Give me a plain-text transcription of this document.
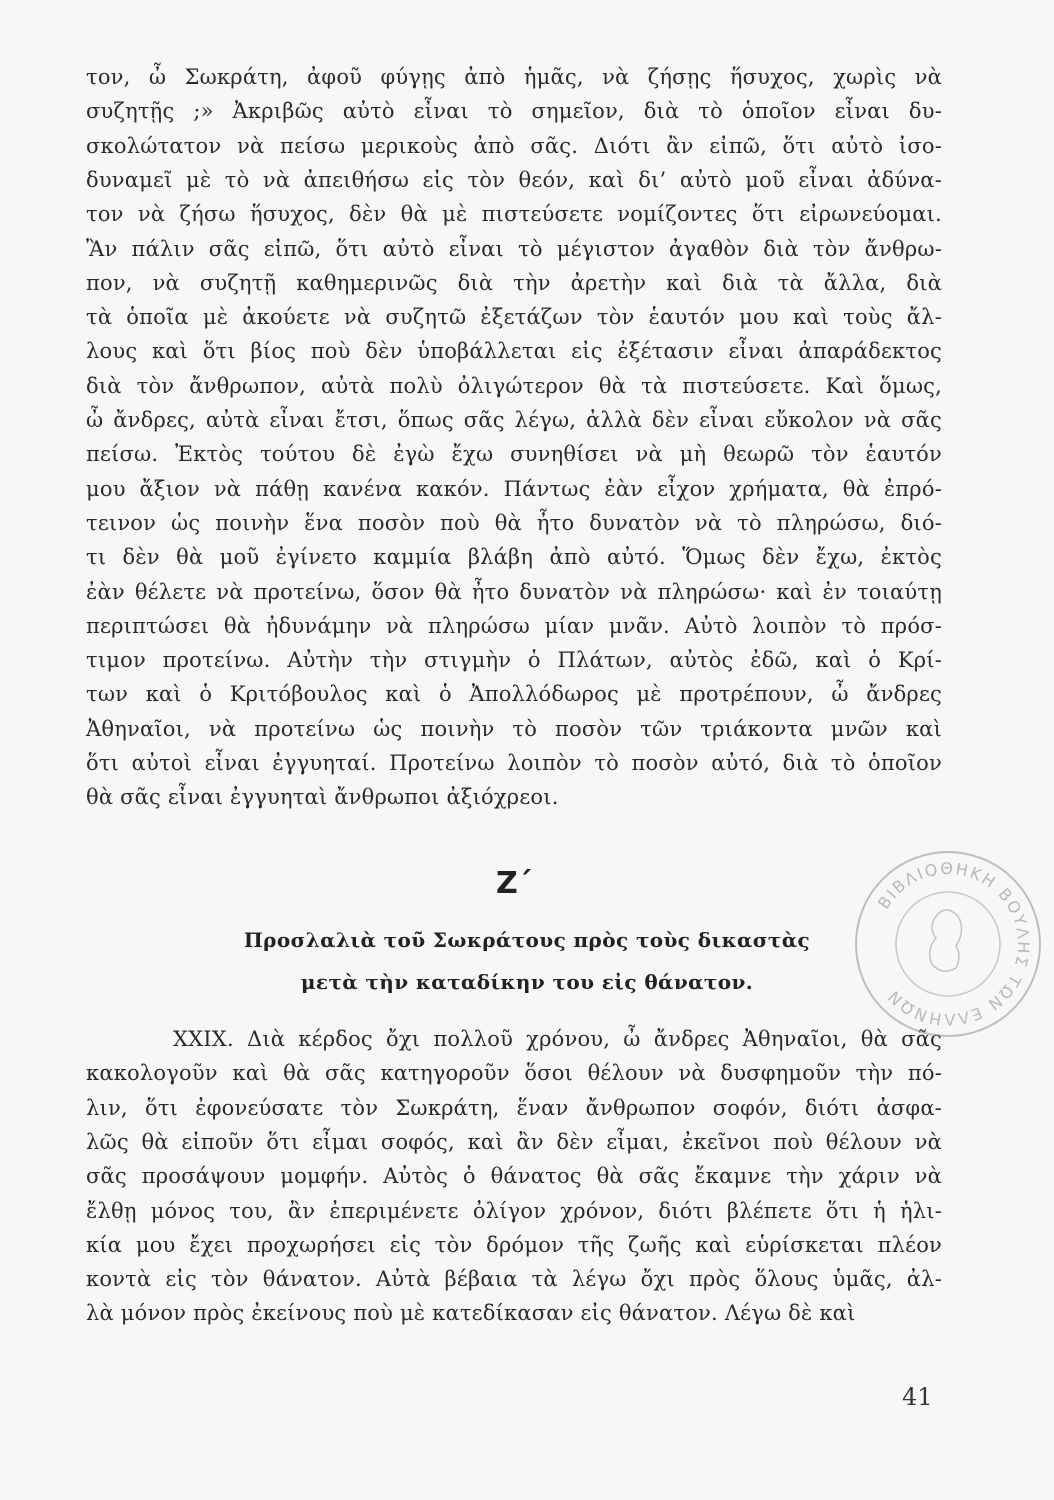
τον, ὦ Σωκράτη, ἀφοῦ φύγῃς ἀπὸ ἡμᾶς, νὰ ζήσῃς ἥσυχος, χωρὶς νὰ
συζητῇς ;» Ἀκριβῶς αὐτὸ εἶναι τὸ σημεῖον, διὰ τὸ ὁποῖον εἶναι δυ-
σκολώτατον νὰ πείσω μερικοὺς ἀπὸ σᾶς. Διότι ἂν εἰπῶ, ὅτι αὐτὸ ἰσο-
δυναμεῖ μὲ τὸ νὰ ἀπειθήσω εἰς τὸν θεόν, καὶ δι’ αὐτὸ μοῦ εἶναι ἀδύνα-
τον νὰ ζήσω ἥσυχος, δὲν θὰ μὲ πιστεύσετε νομίζοντες ὅτι εἰρωνεύομαι.
Ἂν πάλιν σᾶς εἰπῶ, ὅτι αὐτὸ εἶναι τὸ μέγιστον ἀγαθὸν διὰ τὸν ἄνθρω-
πον, νὰ συζητῇ καθημερινῶς διὰ τὴν ἀρετὴν καὶ διὰ τὰ ἄλλα, διὰ
τὰ ὁποῖα μὲ ἀκούετε νὰ συζητῶ ἐξετάζων τὸν ἑαυτόν μου καὶ τοὺς ἄλ-
λους καὶ ὅτι βίος ποὺ δὲν ὑποβάλλεται εἰς ἐξέτασιν εἶναι ἀπαράδεκτος
διὰ τὸν ἄνθρωπον, αὐτὰ πολὺ ὀλιγώτερον θὰ τὰ πιστεύσετε. Καὶ ὅμως,
ὦ ἄνδρες, αὐτὰ εἶναι ἔτσι, ὅπως σᾶς λέγω, ἀλλὰ δὲν εἶναι εὔκολον νὰ σᾶς
πείσω. Ἐκτὸς τούτου δὲ ἐγὼ ἔχω συνηθίσει νὰ μὴ θεωρῶ τὸν ἑαυτόν
μου ἄξιον νὰ πάθῃ κανένα κακόν. Πάντως ἐὰν εἶχον χρήματα, θὰ ἐπρό-
τεινον ὡς ποινὴν ἕνα ποσὸν ποὺ θὰ ἦτο δυνατὸν νὰ τὸ πληρώσω, διό-
τι δὲν θὰ μοῦ ἐγίνετο καμμία βλάβη ἀπὸ αὐτό. Ὅμως δὲν ἔχω, ἐκτὸς
ἐὰν θέλετε νὰ προτείνω, ὅσον θὰ ἦτο δυνατὸν νὰ πληρώσω· καὶ ἐν τοιαύτῃ
περιπτώσει θὰ ἠδυνάμην νὰ πληρώσω μίαν μνᾶν. Αὐτὸ λοιπὸν τὸ πρόσ-
τιμον προτείνω. Αὐτὴν τὴν στιγμὴν ὁ Πλάτων, αὐτὸς ἐδῶ, καὶ ὁ Κρί-
των καὶ ὁ Κριτόβουλος καὶ ὁ Ἀπολλόδωρος μὲ προτρέπουν, ὦ ἄνδρες
Ἀθηναῖοι, νὰ προτείνω ὡς ποινὴν τὸ ποσὸν τῶν τριάκοντα μνῶν καὶ
ὅτι αὐτοὶ εἶναι ἐγγυηταί. Προτείνω λοιπὸν τὸ ποσὸν αὐτό, διὰ τὸ ὁποῖον
θὰ σᾶς εἶναι ἐγγυηταὶ ἄνθρωποι ἀξιόχρεοι.
Ζ΄
Προσλαλιὰ τοῦ Σωκράτους πρὸς τοὺς δικαστὰς
μετὰ τὴν καταδίκην του εἰς θάνατον.
XXIX. Διὰ κέρδος ὄχι πολλοῦ χρόνου, ὦ ἄνδρες Ἀθηναῖοι, θὰ σᾶς
κακολογοῦν καὶ θὰ σᾶς κατηγοροῦν ὅσοι θέλουν νὰ δυσφημοῦν τὴν πό-
λιν, ὅτι ἐφονεύσατε τὸν Σωκράτη, ἕναν ἄνθρωπον σοφόν, διότι ἀσφα-
λῶς θὰ εἰποῦν ὅτι εἶμαι σοφός, καὶ ἂν δὲν εἶμαι, ἐκεῖνοι ποὺ θέλουν νὰ
σᾶς προσάψουν μομφήν. Αὐτὸς ὁ θάνατος θὰ σᾶς ἔκαμνε τὴν χάριν νὰ
ἔλθῃ μόνος του, ἂν ἐπεριμένετε ὀλίγον χρόνον, διότι βλέπετε ὅτι ἡ ἡλι-
κία μου ἔχει προχωρήσει εἰς τὸν δρόμον τῆς ζωῆς καὶ εὑρίσκεται πλέον
κοντὰ εἰς τὸν θάνατον. Αὐτὰ βέβαια τὰ λέγω ὄχι πρὸς ὅλους ὑμᾶς, ἀλ-
λὰ μόνον πρὸς ἐκείνους ποὺ μὲ κατεδίκασαν εἰς θάνατον. Λέγω δὲ καὶ
41
ΒΙΒΛΙΟΘΗΚΗ ΒΟΥΛΗΣ ΤΩΝ ΕΛΛΗΝΩΝ
